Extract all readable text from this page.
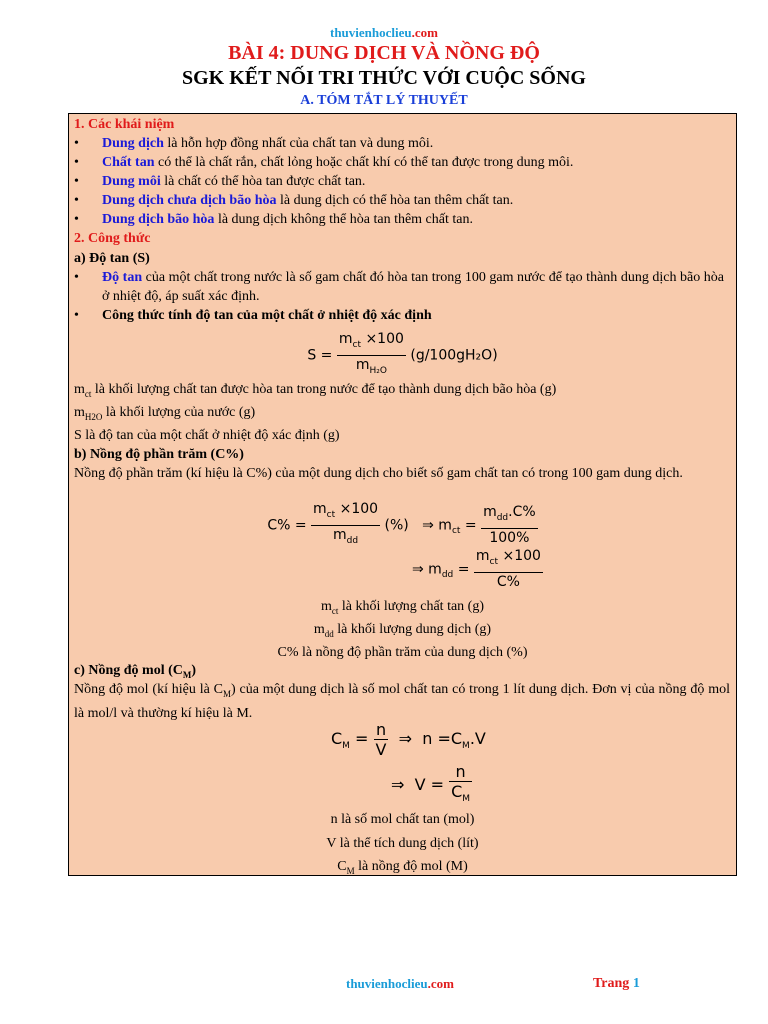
thuvienhoclieu.com
BÀI 4: DUNG DỊCH VÀ NỒNG ĐỘ
SGK KẾT NỐI TRI THỨC VỚI CUỘC SỐNG
A. TÓM TẮT LÝ THUYẾT
1. Các khái niệm
• Dung dịch là hỗn hợp đồng nhất của chất tan và dung môi.
• Chất tan có thể là chất rắn, chất lỏng hoặc chất khí có thể tan được trong dung môi.
• Dung môi là chất có thể hòa tan được chất tan.
• Dung dịch chưa dịch bão hòa là dung dịch có thể hòa tan thêm chất tan.
• Dung dịch bão hòa là dung dịch không thể hòa tan thêm chất tan.
2. Công thức
a) Độ tan (S)
• Độ tan của một chất trong nước là số gam chất đó hòa tan trong 100 gam nước để tạo thành dung dịch bão hòa ở nhiệt độ, áp suất xác định.
• Công thức tính độ tan của một chất ở nhiệt độ xác định
$S = \frac{m_{ct} \times 100}{m_{H_2O}} (g/100gH_2O)$
$m_{ct}$ là khối lượng chất tan được hòa tan trong nước để tạo thành dung dịch bão hòa (g)
$m_{H2O}$ là khối lượng của nước (g)
S là độ tan của một chất ở nhiệt độ xác định (g)
b) Nồng độ phần trăm (C%)
Nồng độ phần trăm (kí hiệu là C%) của một dung dịch cho biết số gam chất tan có trong 100 gam dung dịch.
$C\% = \frac{m_{ct} \times 100}{m_{dd}}$ (%) ⇒ $m_{ct} = \frac{m_{dd}.C\%}{100\%}$
⇒ $m_{dd} = \frac{m_{ct} \times 100}{C\%}$
$m_{ct}$ là khối lượng chất tan (g)
$m_{dd}$ là khối lượng dung dịch (g)
C% là nồng độ phần trăm của dung dịch (%)
c) Nồng độ mol $(C_M)$
Nồng độ mol (kí hiệu là $C_M$) của một dung dịch là số mol chất tan có trong 1 lít dung dịch. Đơn vị của nồng độ mol là mol/l và thường kí hiệu là M.
$C_M = \frac{n}{V}$ ⇒ $n =C_M.V$
⇒ $V = \frac{n}{C_M}$
n là số mol chất tan (mol)
V là thể tích dung dịch (lít)
$C_M$ là nồng độ mol (M)
thuvienhoclieu.com	Trang 1
